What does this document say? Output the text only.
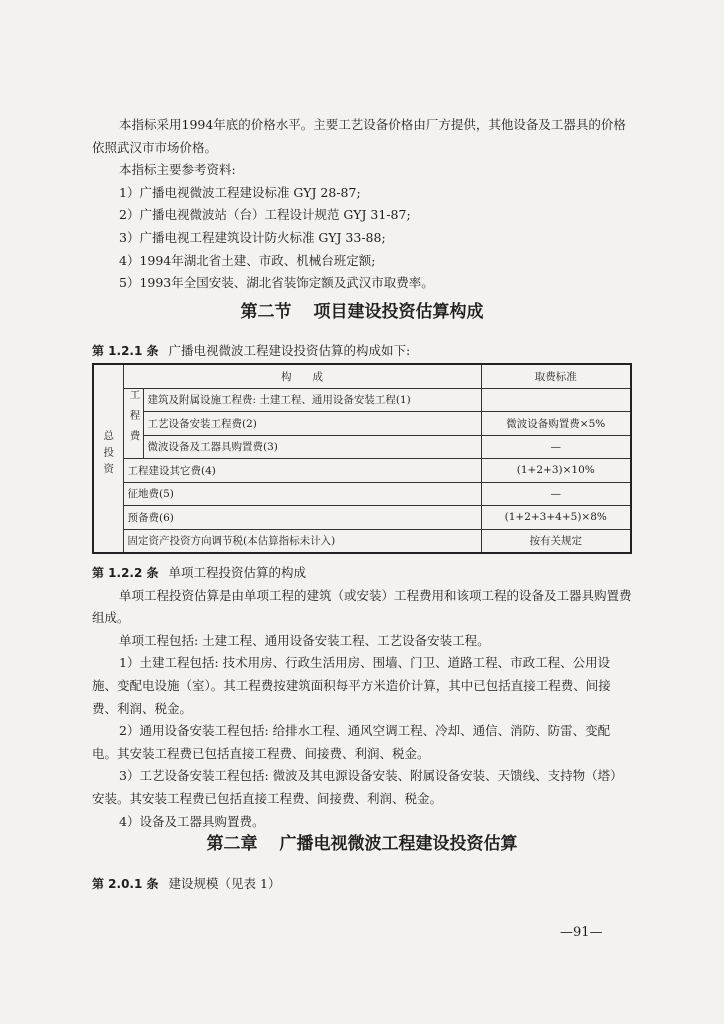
本指标采用1994年底的价格水平。主要工艺设备价格由厂方提供，其他设备及工器具的价格依照武汉市市场价格。

本指标主要参考资料:

1）广播电视微波工程建设标准 GYJ 28-87;

2）广播电视微波站（台）工程设计规范 GYJ 31-87;

3）广播电视工程建筑设计防火标准 GYJ 33-88;

4）1994年湖北省土建、市政、机械台班定额;

5）1993年全国安装、湖北省装饰定额及武汉市取费率。

第二节 项目建设投资估算构成
第 1.2.1 条 广播电视微波工程建设投资估算的构成如下:
总投资	构　　成		取费标准
	工程费	建筑及附属设施工程费: 土建工程、通用设备安装工程(1)	
		工艺设备安装工程费(2)	微波设备购置费×5%
		微波设备及工器具购置费(3)	—
	工程建设其它费(4)		(1+2+3)×10%
	征地费(5)		—
	预备费(6)		(1+2+3+4+5)×8%
	固定资产投资方向调节税(本估算指标未计入)		按有关规定

第 1.2.2 条 单项工程投资估算的构成

单项工程投资估算是由单项工程的建筑（或安装）工程费用和该项工程的设备及工器具购置费组成。

单项工程包括: 土建工程、通用设备安装工程、工艺设备安装工程。

1）土建工程包括: 技术用房、行政生活用房、围墙、门卫、道路工程、市政工程、公用设施、变配电设施（室）。其工程费按建筑面积每平方米造价计算，其中已包括直接工程费、间接费、利润、税金。

2）通用设备安装工程包括: 给排水工程、通风空调工程、冷却、通信、消防、防雷、变配电。其安装工程费已包括直接工程费、间接费、利润、税金。

3）工艺设备安装工程包括: 微波及其电源设备安装、附属设备安装、天馈线、支持物（塔）安装。其安装工程费已包括直接工程费、间接费、利润、税金。

4）设备及工器具购置费。

第二章 广播电视微波工程建设投资估算
第 2.0.1 条 建设规模（见表 1）
—91—
